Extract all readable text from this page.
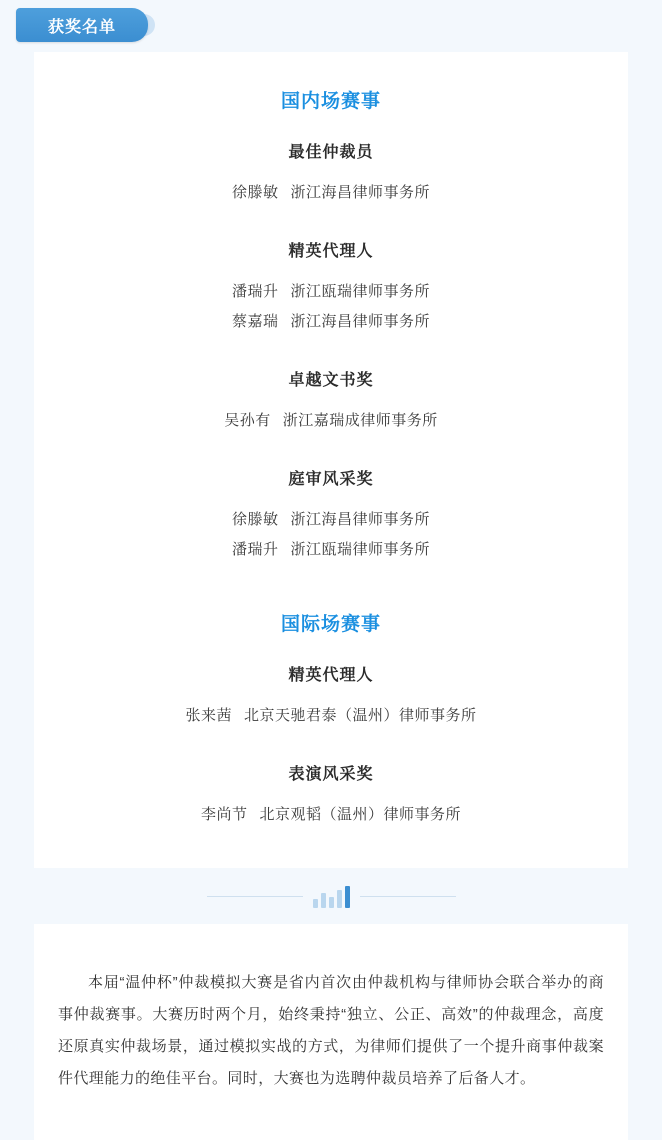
获奖名单
国内场赛事
最佳仲裁员
徐滕敏 浙江海昌律师事务所
精英代理人
潘瑞升 浙江瓯瑞律师事务所
蔡嘉瑞 浙江海昌律师事务所
卓越文书奖
吴孙有 浙江嘉瑞成律师事务所
庭审风采奖
徐滕敏 浙江海昌律师事务所
潘瑞升 浙江瓯瑞律师事务所
国际场赛事
精英代理人
张来茜 北京天驰君泰（温州）律师事务所
表演风采奖
李尚节 北京观韬（温州）律师事务所

本届“温仲杯”仲裁模拟大赛是省内首次由仲裁机构与律师协会联合举办的商事仲裁赛事。大赛历时两个月，始终秉持“独立、公正、高效”的仲裁理念，高度还原真实仲裁场景，通过模拟实战的方式，为律师们提供了一个提升商事仲裁案件代理能力的绝佳平台。同时，大赛也为选聘仲裁员培养了后备人才。
